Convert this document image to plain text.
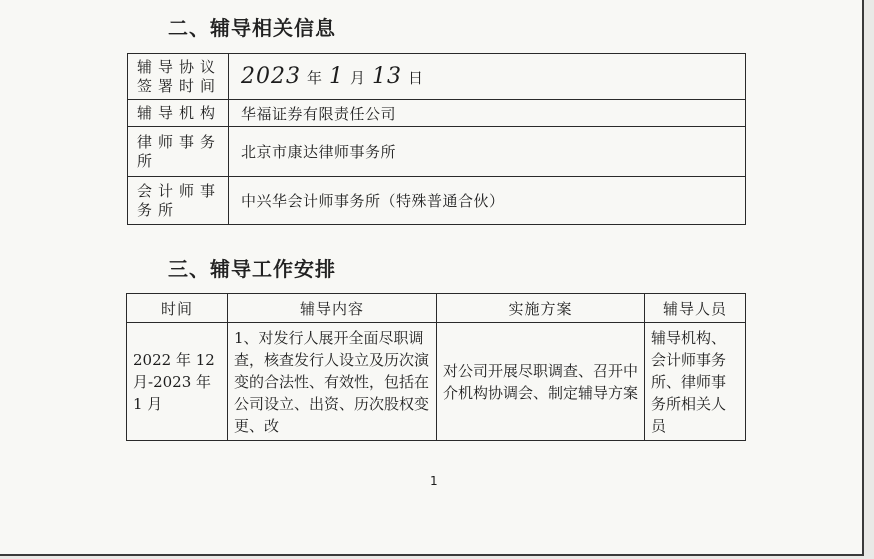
二、辅导相关信息
辅导协议签署时间	2023 年 1 月 13 日
辅导机构	华福证券有限责任公司
律师事务所	北京市康达律师事务所
会计师事务所	中兴华会计师事务所（特殊普通合伙）
三、辅导工作安排
时间	辅导内容	实施方案	辅导人员
2022 年 12 月-2023 年 1 月	1、对发行人展开全面尽职调查，核查发行人设立及历次演变的合法性、有效性，包括在公司设立、出资、历次股权变更、改	对公司开展尽职调查、召开中介机构协调会、制定辅导方案	辅导机构、会计师事务所、律师事务所相关人员
1
